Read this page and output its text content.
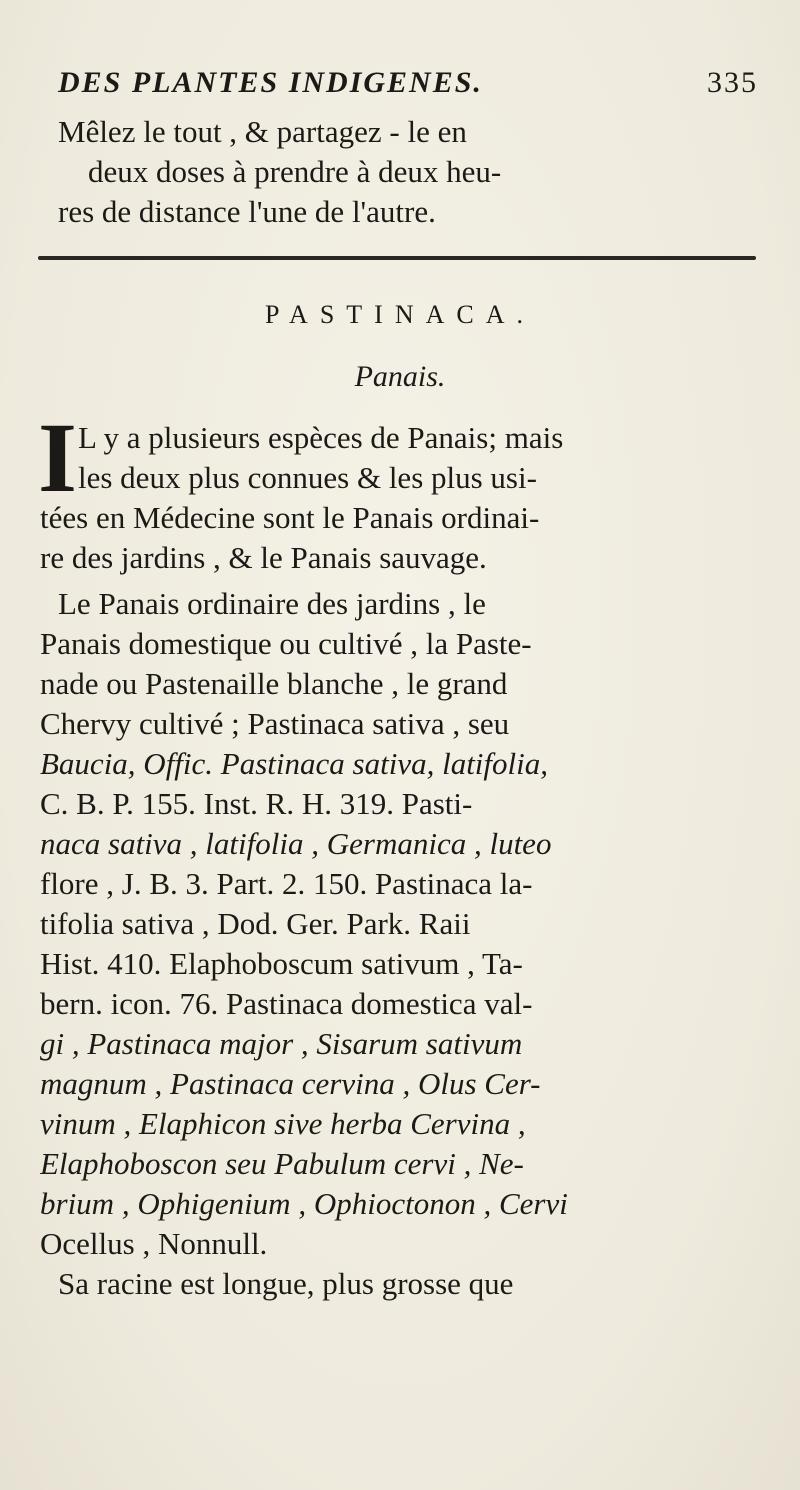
DES PLANTES INDIGENES.	335
Mêlez le tout , & partagez - le en
deux doses à prendre à deux heu-
res de distance l'une de l'autre.
PASTINACA.
Panais.
I L y a plusieurs espèces de Panais; mais
les deux plus connues & les plus usi-
tées en Médecine sont le Panais ordinai-
re des jardins , & le Panais sauvage.
Le Panais ordinaire des jardins , le
Panais domestique ou cultivé , la Paste-
nade ou Pastenaille blanche , le grand
Chervy cultivé ; Pastinaca sativa , seu
Baucia, Offic. Pastinaca sativa, latifolia,
C. B. P. 155. Inst. R. H. 319. Pasti-
naca sativa , latifolia , Germanica , luteo
flore , J. B. 3. Part. 2. 150. Pastinaca la-
tifolia sativa , Dod. Ger. Park. Raii
Hist. 410. Elaphoboscum sativum , Ta-
bern. icon. 76. Pastinaca domestica val-
gi , Pastinaca major , Sisarum sativum
magnum , Pastinaca cervina , Olus Cer-
vinum , Elaphicon sive herba Cervina ,
Elaphoboscon seu Pabulum cervi , Ne-
brium , Ophigenium , Ophioctonon , Cervi
Ocellus , Nonnull.
Sa racine est longue, plus grosse que
